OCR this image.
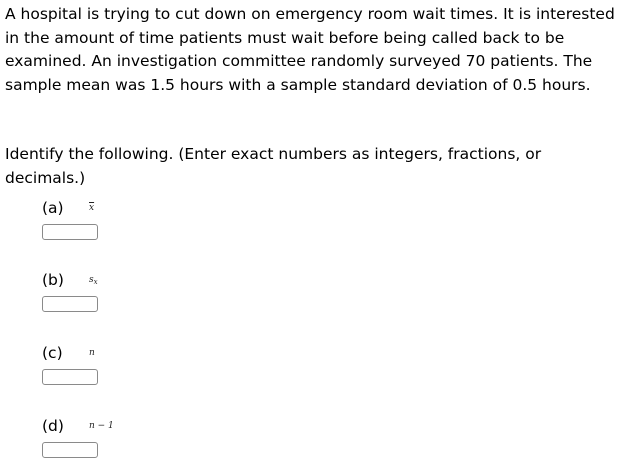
A hospital is trying to cut down on emergency room wait times. It is interested in the amount of time patients must wait before being called back to be examined. An investigation committee randomly surveyed 70 patients. The sample mean was 1.5 hours with a sample standard deviation of 0.5 hours.

Identify the following. (Enter exact numbers as integers, fractions, or decimals.)

(a)	$\overline{x}$
(b)	$s_x$
(c)	n
(d)	n − 1
